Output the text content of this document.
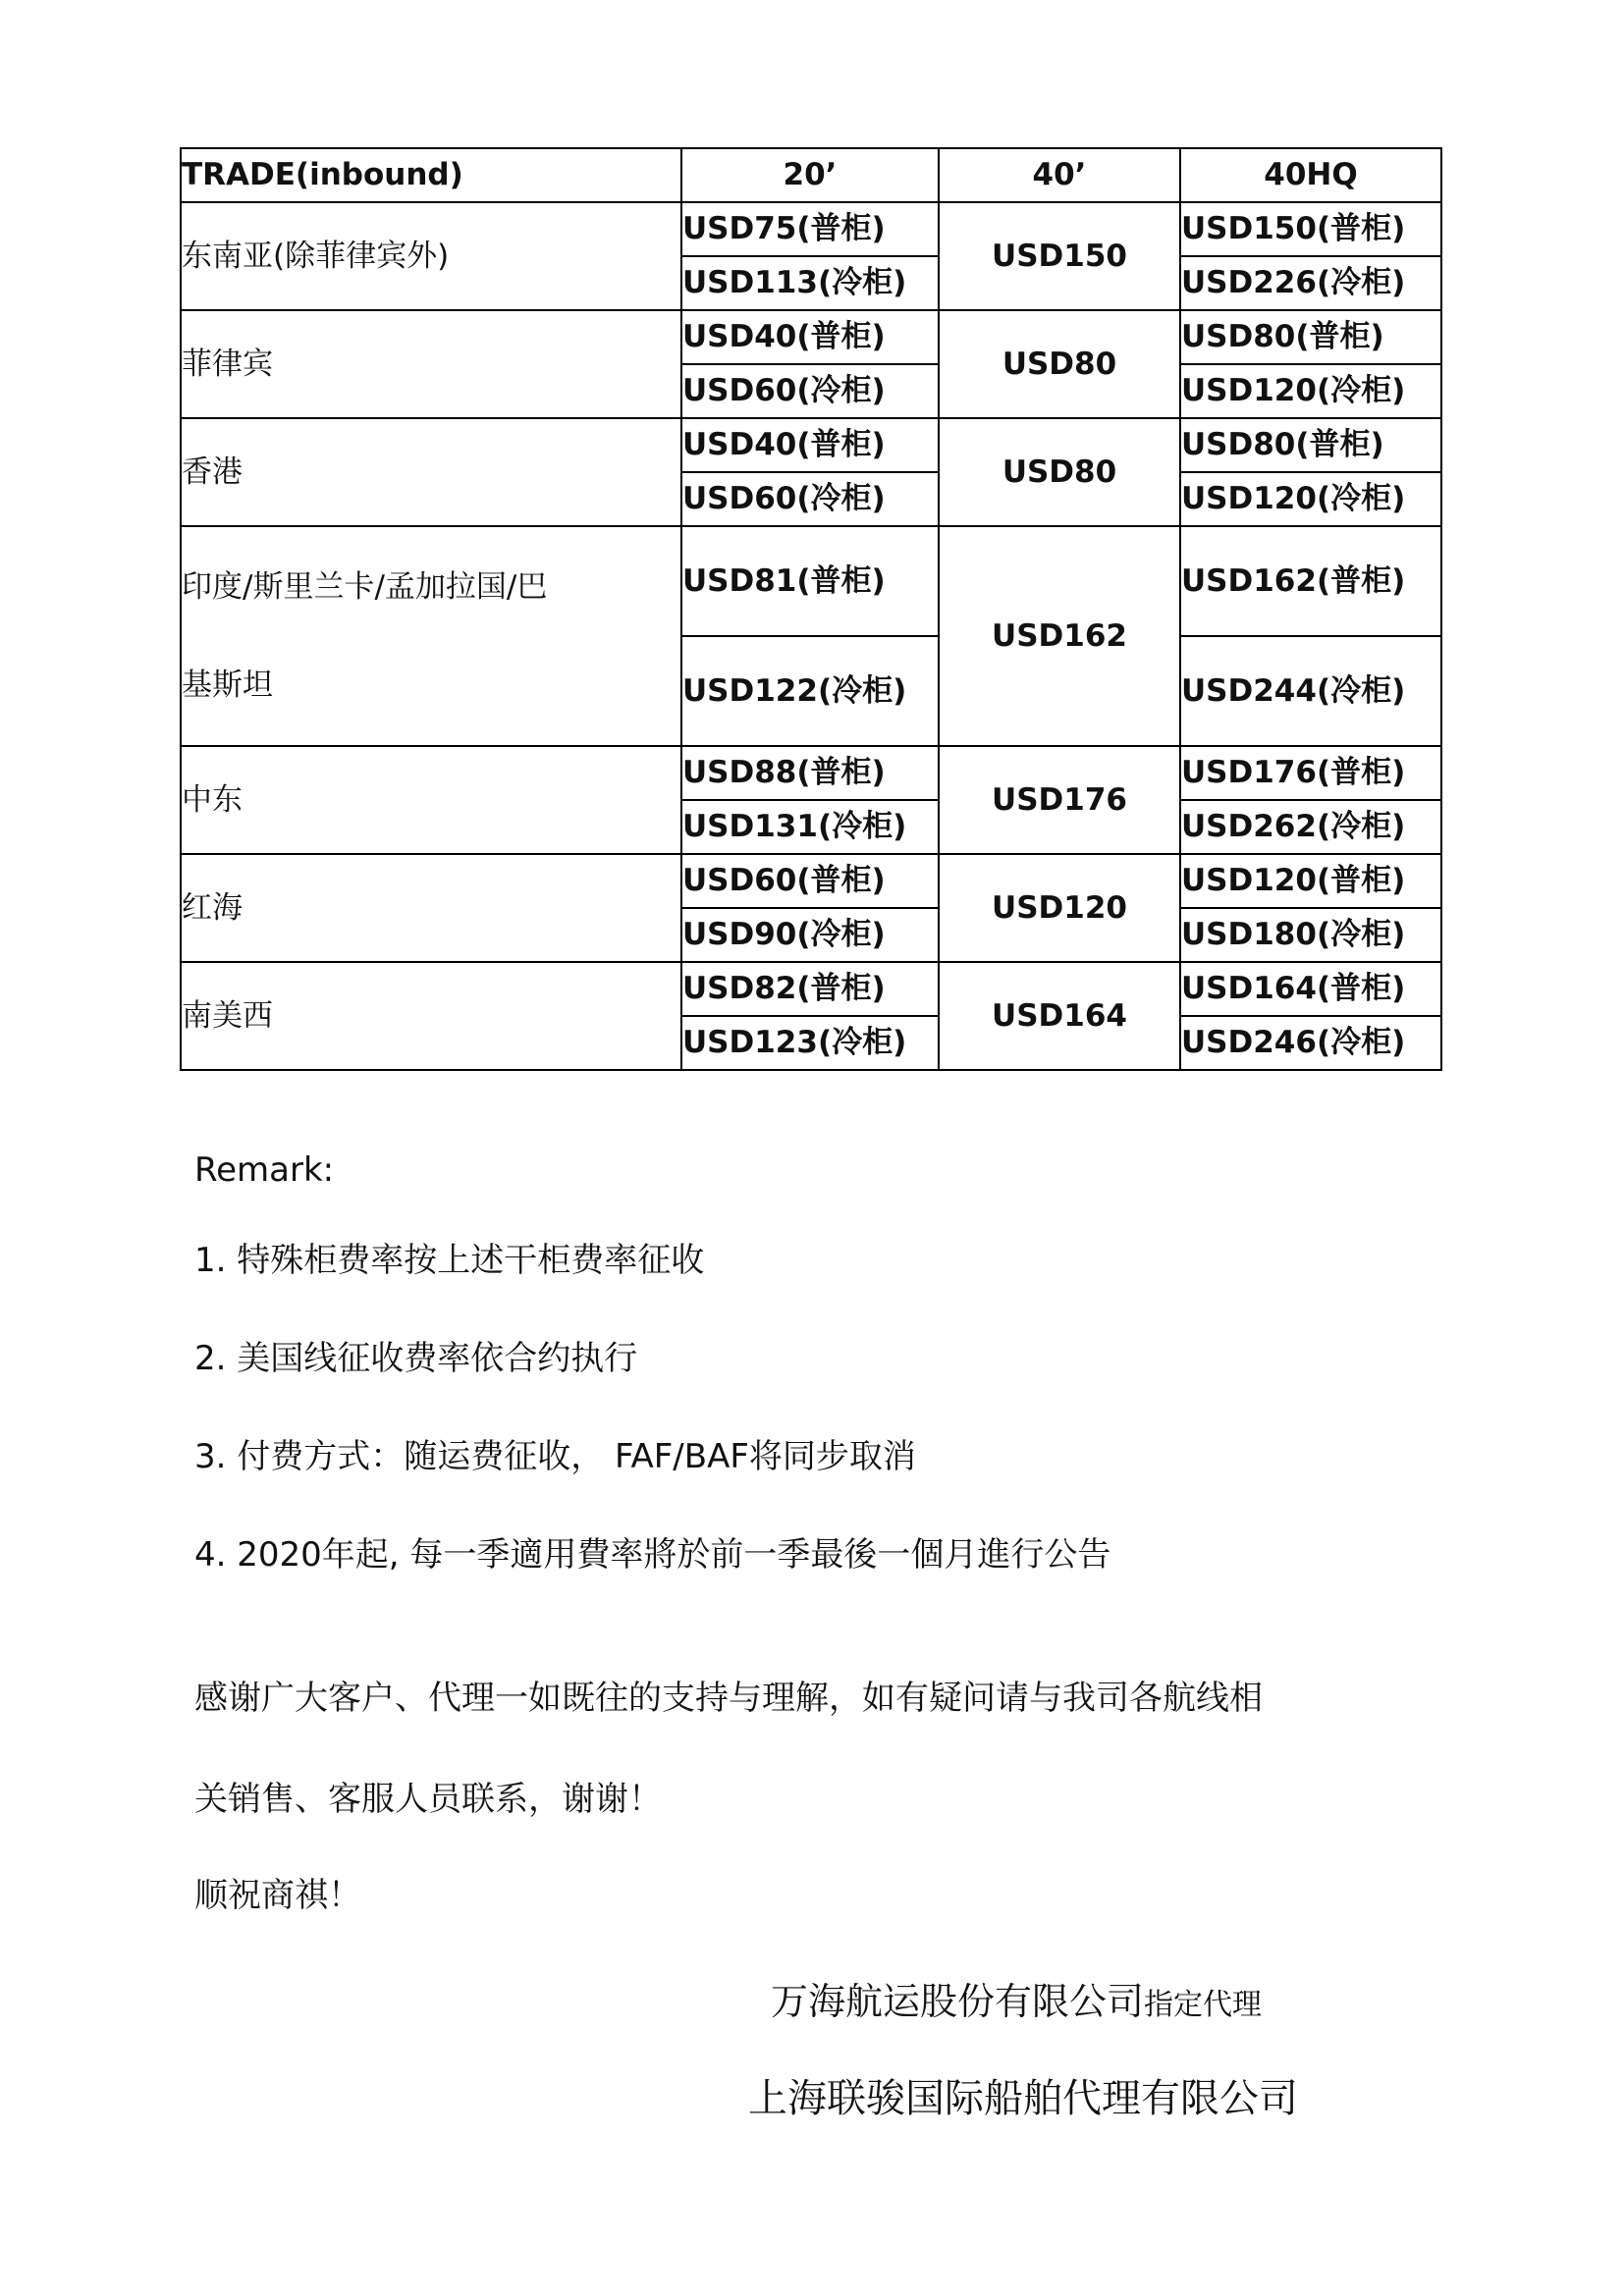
TRADE(inbound)	20’	40’	40HQ
东南亚(除菲律宾外)	USD75(普柜)	USD150	USD150(普柜)
	USD113(冷柜)		USD226(冷柜)
菲律宾	USD40(普柜)	USD80	USD80(普柜)
	USD60(冷柜)		USD120(冷柜)
香港	USD40(普柜)	USD80	USD80(普柜)
	USD60(冷柜)		USD120(冷柜)

印度/斯里兰卡/孟加拉国/巴
基斯坦	USD81(普柜)	USD162	USD162(普柜)
	USD122(冷柜)		USD244(冷柜)
中东	USD88(普柜)	USD176	USD176(普柜)
	USD131(冷柜)		USD262(冷柜)
红海	USD60(普柜)	USD120	USD120(普柜)
	USD90(冷柜)		USD180(冷柜)
南美西	USD82(普柜)	USD164	USD164(普柜)
	USD123(冷柜)		USD246(冷柜)
Remark:
1. 特殊柜费率按上述干柜费率征收
2. 美国线征收费率依合约执行
3. 付费方式：随运费征收， FAF/BAF将同步取消
4. 2020年起, 每一季適用費率將於前一季最後一個月進行公告

感谢广大客户、代理一如既往的支持与理解，如有疑问请与我司各航线相

关销售、客服人员联系，谢谢！

顺祝商祺！

万海航运股份有限公司指定代理
上海联骏国际船舶代理有限公司
